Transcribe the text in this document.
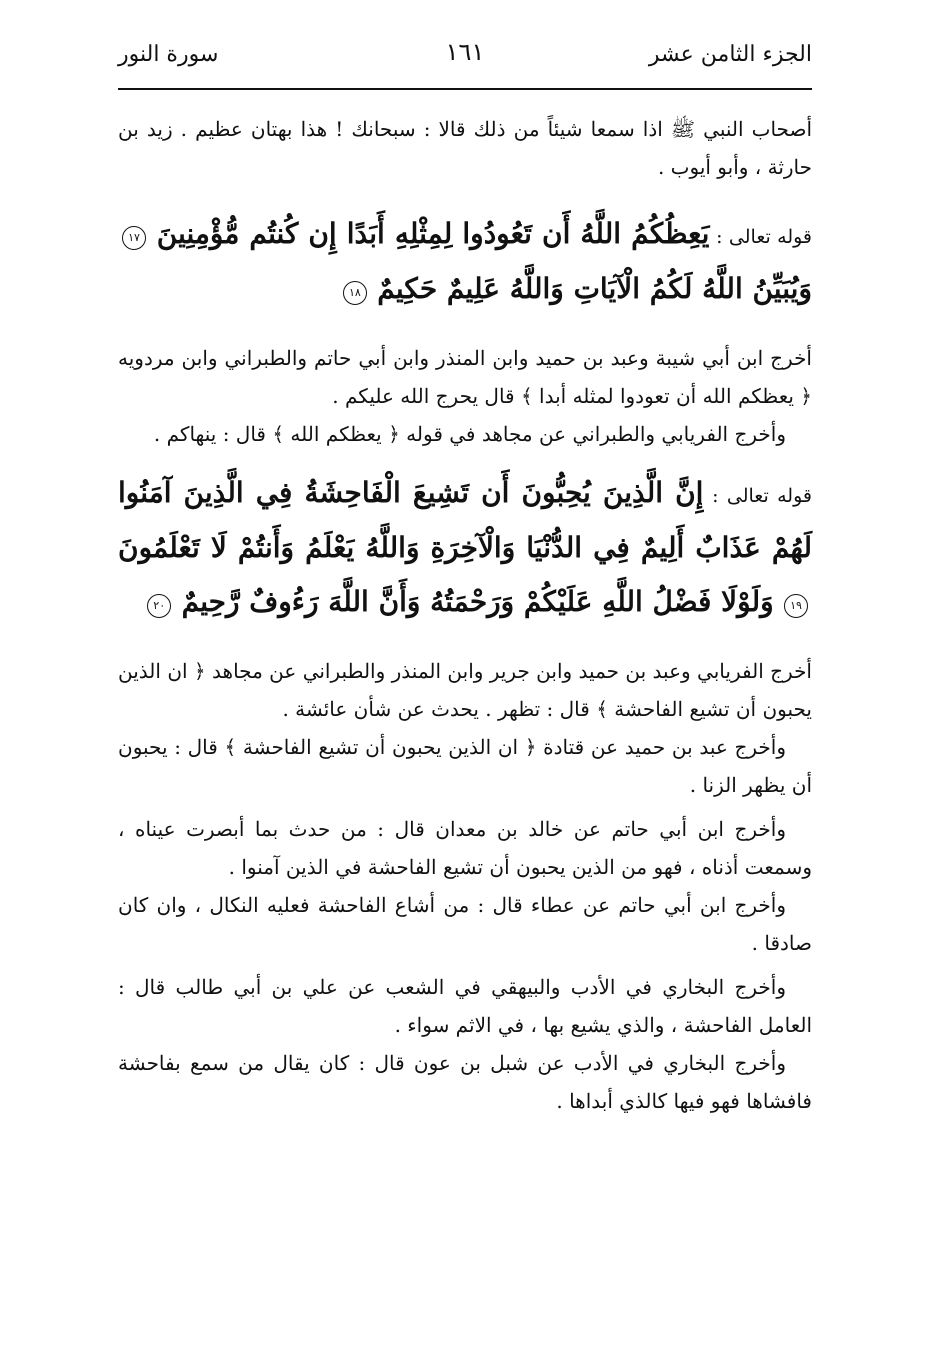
الجزء الثامن عشر
١٦١
سورة النور

أصحاب النبي ﷺ اذا سمعا شيئاً من ذلك قالا : سبحانك ! هذا بهتان عظيم . زيد بن حارثة ، وأبو أيوب .

قوله تعالى : يَعِظُكُمُ اللَّهُ أَن تَعُودُوا لِمِثْلِهِ أَبَدًا إِن كُنتُم مُّؤْمِنِينَ ١٧ وَيُبَيِّنُ اللَّهُ لَكُمُ الْآيَاتِ وَاللَّهُ عَلِيمٌ حَكِيمٌ ١٨

أخرج ابن أبي شيبة وعبد بن حميد وابن المنذر وابن أبي حاتم والطبراني وابن مردويه ﴿ يعظكم الله أن تعودوا لمثله أبدا ﴾ قال يحرج الله عليكم .

وأخرج الفريابي والطبراني عن مجاهد في قوله ﴿ يعظكم الله ﴾ قال : ينهاكم .

قوله تعالى : إِنَّ الَّذِينَ يُحِبُّونَ أَن تَشِيعَ الْفَاحِشَةُ فِي الَّذِينَ آمَنُوا لَهُمْ عَذَابٌ أَلِيمٌ فِي الدُّنْيَا وَالْآخِرَةِ وَاللَّهُ يَعْلَمُ وَأَنتُمْ لَا تَعْلَمُونَ ١٩ وَلَوْلَا فَضْلُ اللَّهِ عَلَيْكُمْ وَرَحْمَتُهُ وَأَنَّ اللَّهَ رَءُوفٌ رَّحِيمٌ ٢٠

أخرج الفريابي وعبد بن حميد وابن جرير وابن المنذر والطبراني عن مجاهد ﴿ ان الذين يحبون أن تشيع الفاحشة ﴾ قال : تظهر . يحدث عن شأن عائشة .

وأخرج عبد بن حميد عن قتادة ﴿ ان الذين يحبون أن تشيع الفاحشة ﴾ قال : يحبون أن يظهر الزنا .

وأخرج ابن أبي حاتم عن خالد بن معدان قال : من حدث بما أبصرت عيناه ، وسمعت أذناه ، فهو من الذين يحبون أن تشيع الفاحشة في الذين آمنوا .

وأخرج ابن أبي حاتم عن عطاء قال : من أشاع الفاحشة فعليه النكال ، وان كان صادقا .

وأخرج البخاري في الأدب والبيهقي في الشعب عن علي بن أبي طالب قال : العامل الفاحشة ، والذي يشيع بها ، في الاثم سواء .

وأخرج البخاري في الأدب عن شبل بن عون قال : كان يقال من سمع بفاحشة فافشاها فهو فيها كالذي أبداها .
